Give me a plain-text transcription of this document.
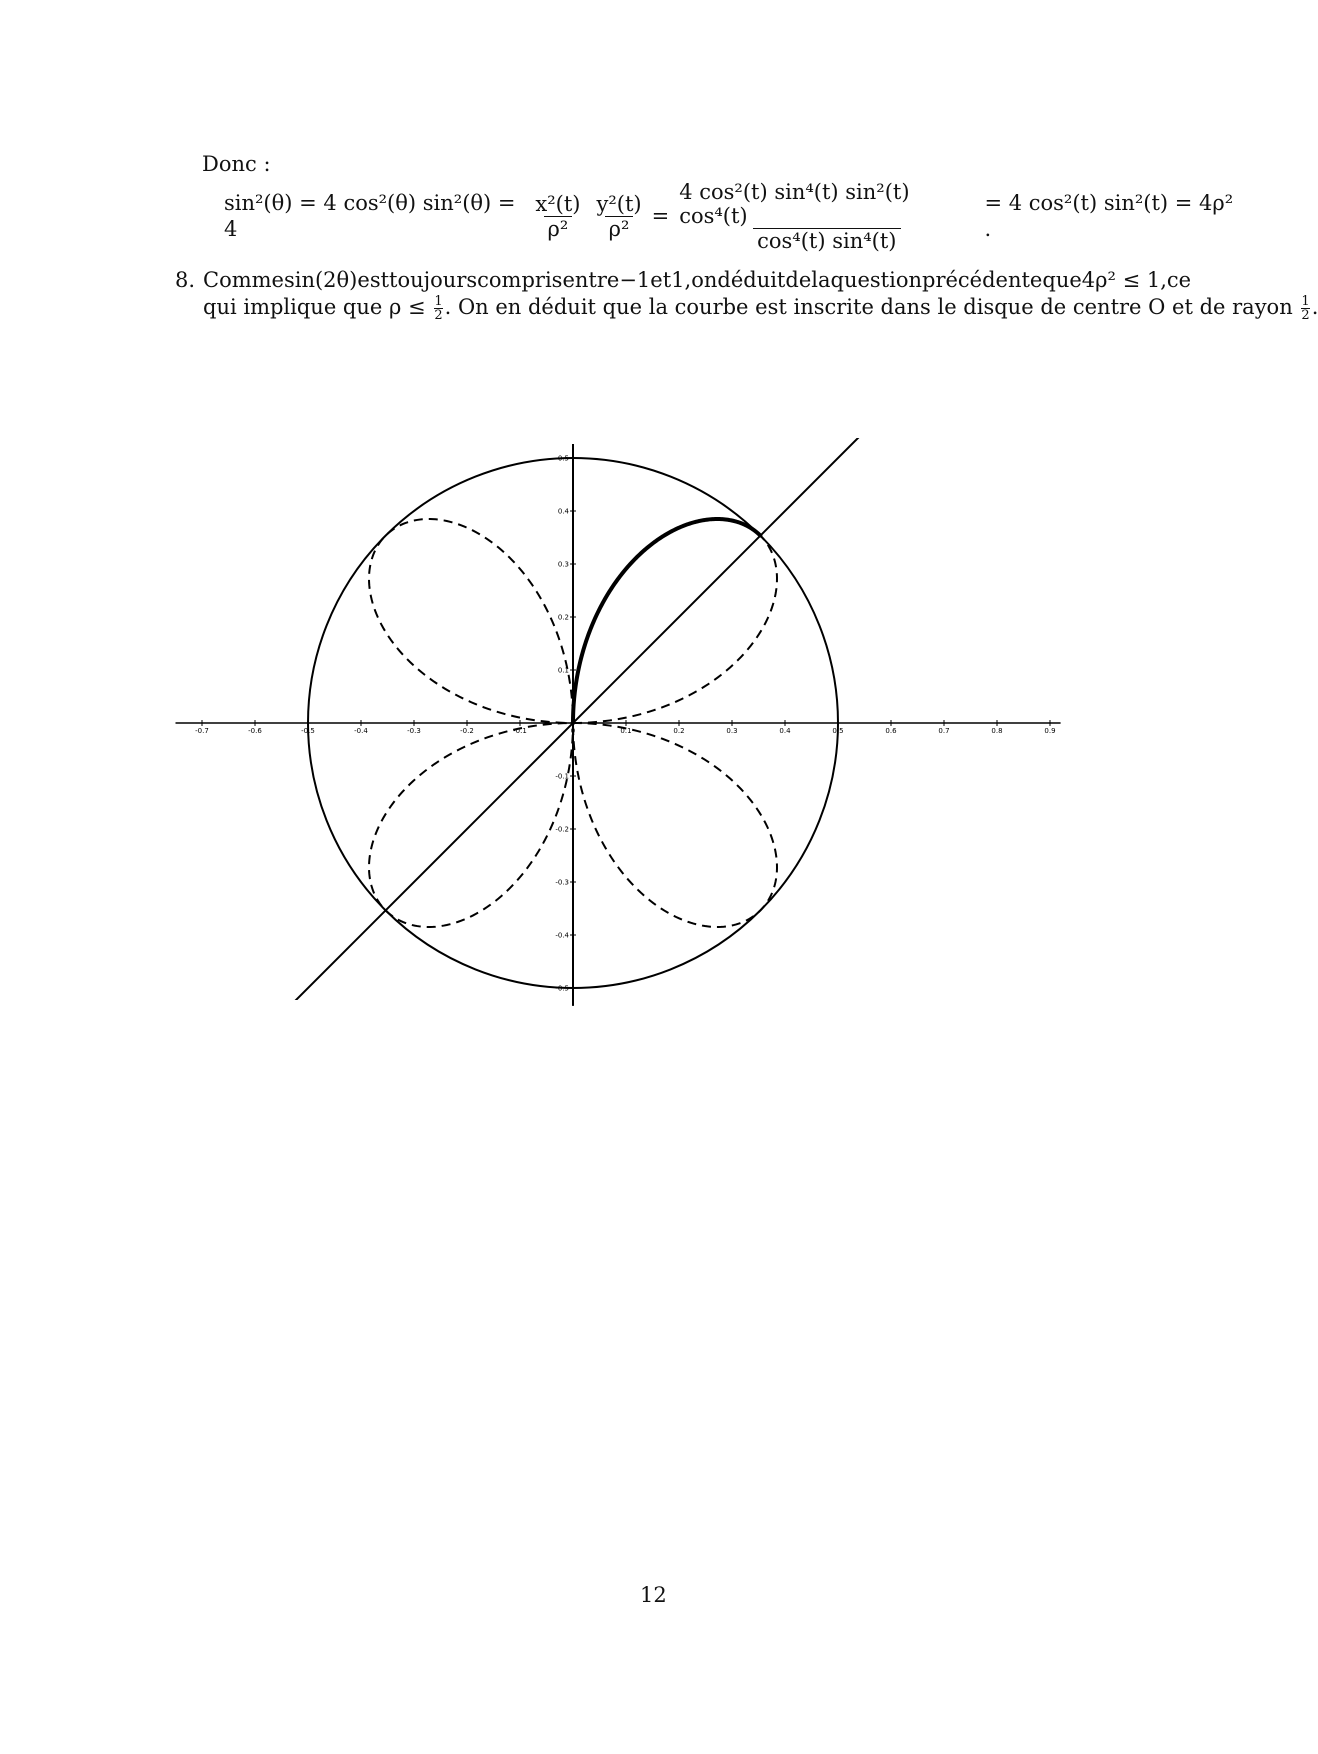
Donc :
sin²(θ) = 4 cos²(θ) sin²(θ) = 4	$\frac{\text{x²(t)}}{\text{ρ²}} \frac{\text{y²(t)}}{\text{ρ²}} = \frac{\text{4 cos²(t) sin⁴(t) sin²(t) cos⁴(t)}}{\text{cos⁴(t) sin⁴(t)}} = 4$ cos²(t) sin²(t) = 4ρ² .
8. Comme sin(2θ) est toujours compris entre −1 et 1, on déduit de la question précédente que 4ρ² ≤ 1, ce
qui implique que $\rho \le \frac{1}{2}$ . On en déduit que la courbe est inscrite dans le disque de centre O et de rayon $\frac{1}{2}$ .
-0.7	-0.6	-0.5	-0.4	-0.3	-0.2	-0.1	0	0.1	0.2	0.3	0.4	0.5	0.6	0.7	0.8	0.9
0.5
0.4
0.3
0.2
0.1
-0.1
-0.2
-0.3
-0.4
-0.5
12
